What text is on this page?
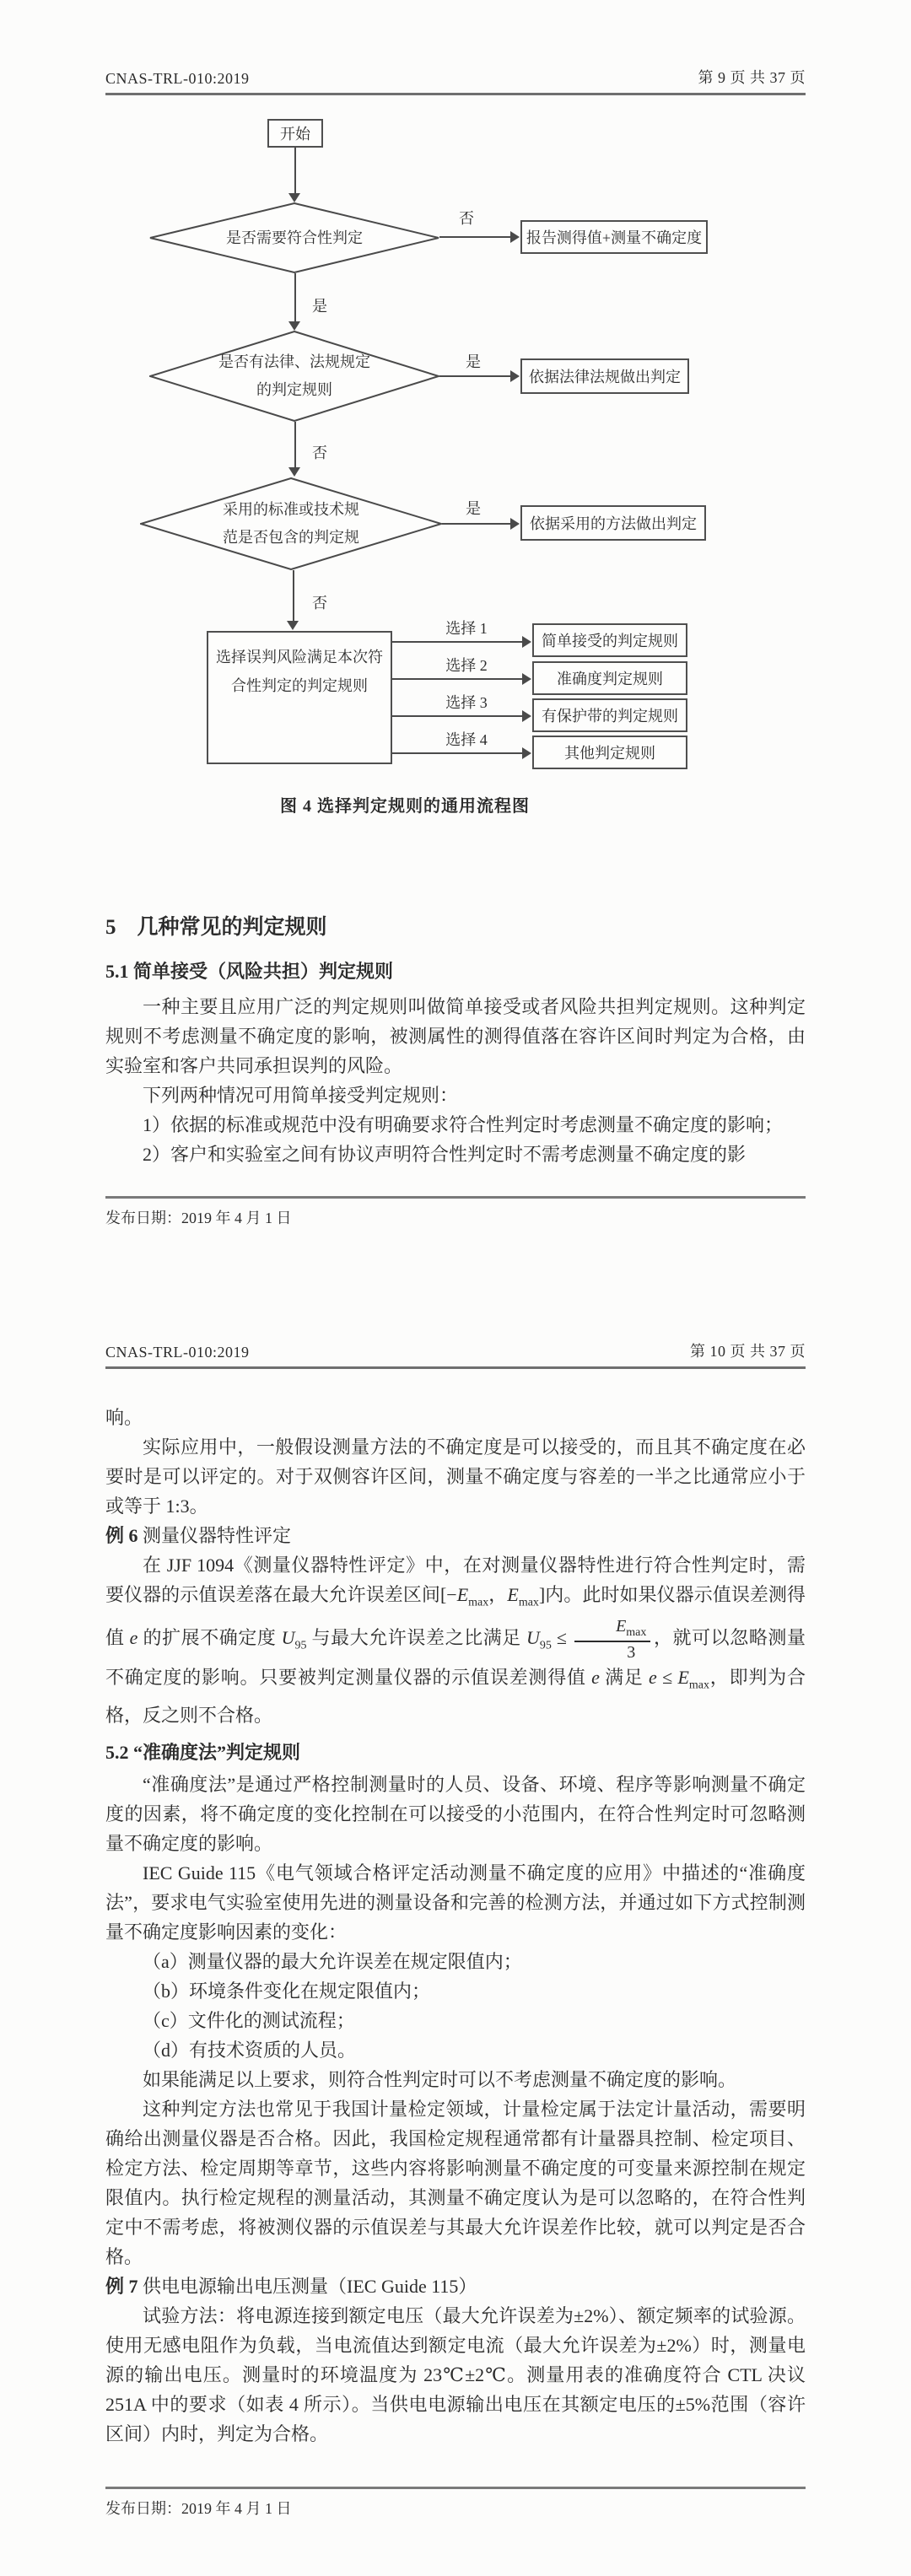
CNAS-TRL-010:2019	第 9 页 共 37 页
开始
是否需要符合性判定
否
报告测得值+测量不确定度
是
是否有法律、法规规定
的判定规则
是
依据法律法规做出判定
否
采用的标准或技术规
范是否包含的判定规
是
依据采用的方法做出判定
否
选择误判风险满足本次符
合性判定的判定规则
选择 1
简单接受的判定规则
选择 2
准确度判定规则
选择 3
有保护带的判定规则
选择 4
其他判定规则
图 4 选择判定规则的通用流程图
5　几种常见的判定规则
5.1 简单接受（风险共担）判定规则

一种主要且应用广泛的判定规则叫做简单接受或者风险共担判定规则。这种判定规则不考虑测量不确定度的影响，被测属性的测得值落在容许区间时判定为合格，由实验室和客户共同承担误判的风险。

下列两种情况可用简单接受判定规则：

1）依据的标准或规范中没有明确要求符合性判定时考虑测量不确定度的影响；

2）客户和实验室之间有协议声明符合性判定时不需考虑测量不确定度的影

发布日期：2019 年 4 月 1 日
CNAS-TRL-010:2019	第 10 页 共 37 页

响。

实际应用中，一般假设测量方法的不确定度是可以接受的，而且其不确定度在必要时是可以评定的。对于双侧容许区间，测量不确定度与容差的一半之比通常应小于或等于 1:3。

例 6 测量仪器特性评定

在 JJF 1094《测量仪器特性评定》中，在对测量仪器特性进行符合性判定时，需要仪器的示值误差落在最大允许误差区间[$-E_{max}$，$E_{max}$]内。此时如果仪器示值误差测得值 e 的扩展不确定度 $U_{95}$ 与最大允许误差之比满足 $U_{95} \le \frac{E_{max}}{3}$ ，就可以忽略测量不确定度的影响。只要被判定测量仪器的示值误差测得值 e 满足 $e \le E_{max}$，即判为合格，反之则不合格。

5.2 “准确度法”判定规则

“准确度法”是通过严格控制测量时的人员、设备、环境、程序等影响测量不确定度的因素，将不确定度的变化控制在可以接受的小范围内，在符合性判定时可忽略测量不确定度的影响。

IEC Guide 115《电气领域合格评定活动测量不确定度的应用》中描述的“准确度法”，要求电气实验室使用先进的测量设备和完善的检测方法，并通过如下方式控制测量不确定度影响因素的变化：

（a）测量仪器的最大允许误差在规定限值内；

（b）环境条件变化在规定限值内；

（c）文件化的测试流程；

（d）有技术资质的人员。

如果能满足以上要求，则符合性判定时可以不考虑测量不确定度的影响。

这种判定方法也常见于我国计量检定领域，计量检定属于法定计量活动，需要明确给出测量仪器是否合格。因此，我国检定规程通常都有计量器具控制、检定项目、检定方法、检定周期等章节，这些内容将影响测量不确定度的可变量来源控制在规定限值内。执行检定规程的测量活动，其测量不确定度认为是可以忽略的，在符合性判定中不需考虑，将被测仪器的示值误差与其最大允许误差作比较，就可以判定是否合格。

例 7 供电电源输出电压测量（IEC Guide 115）

试验方法：将电源连接到额定电压（最大允许误差为±2%）、额定频率的试验源。使用无感电阻作为负载，当电流值达到额定电流（最大允许误差为±2%）时，测量电源的输出电压。测量时的环境温度为 23℃±2℃。测量用表的准确度符合 CTL 决议 251A 中的要求（如表 4 所示）。当供电电源输出电压在其额定电压的±5%范围（容许区间）内时，判定为合格。

发布日期：2019 年 4 月 1 日
